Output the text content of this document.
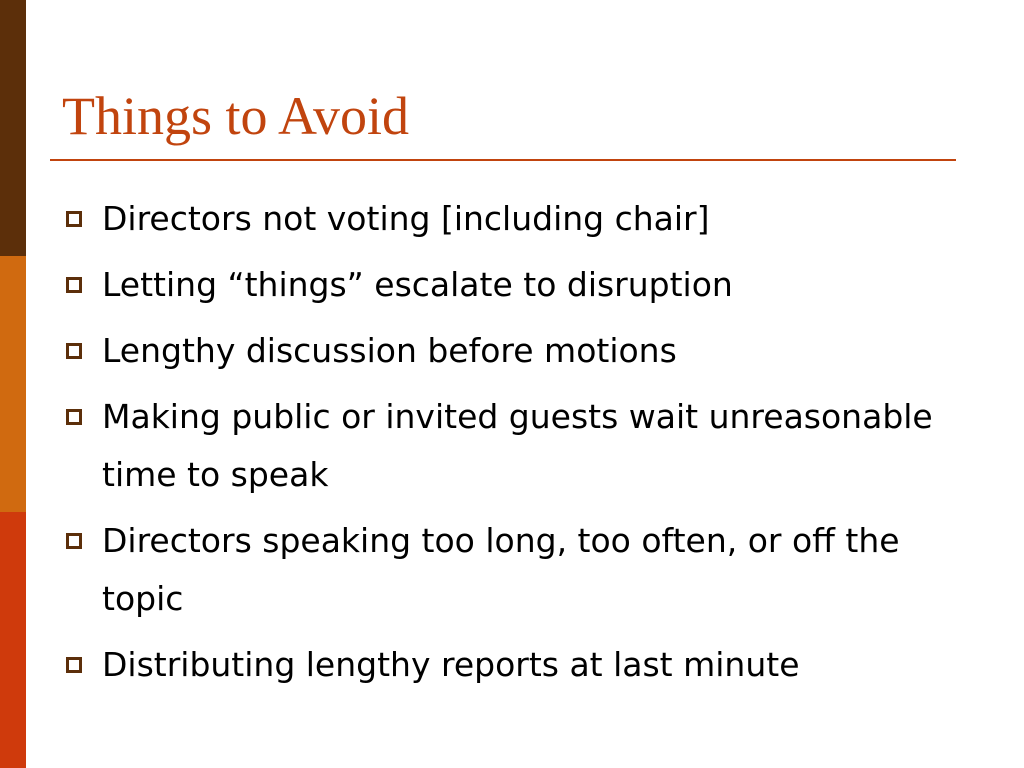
Things to Avoid
Directors not voting [including chair]
Letting “things” escalate to disruption
Lengthy discussion before motions
Making public or invited guests wait unreasonable time to speak
Directors speaking too long, too often, or off the topic
Distributing lengthy reports at last minute
